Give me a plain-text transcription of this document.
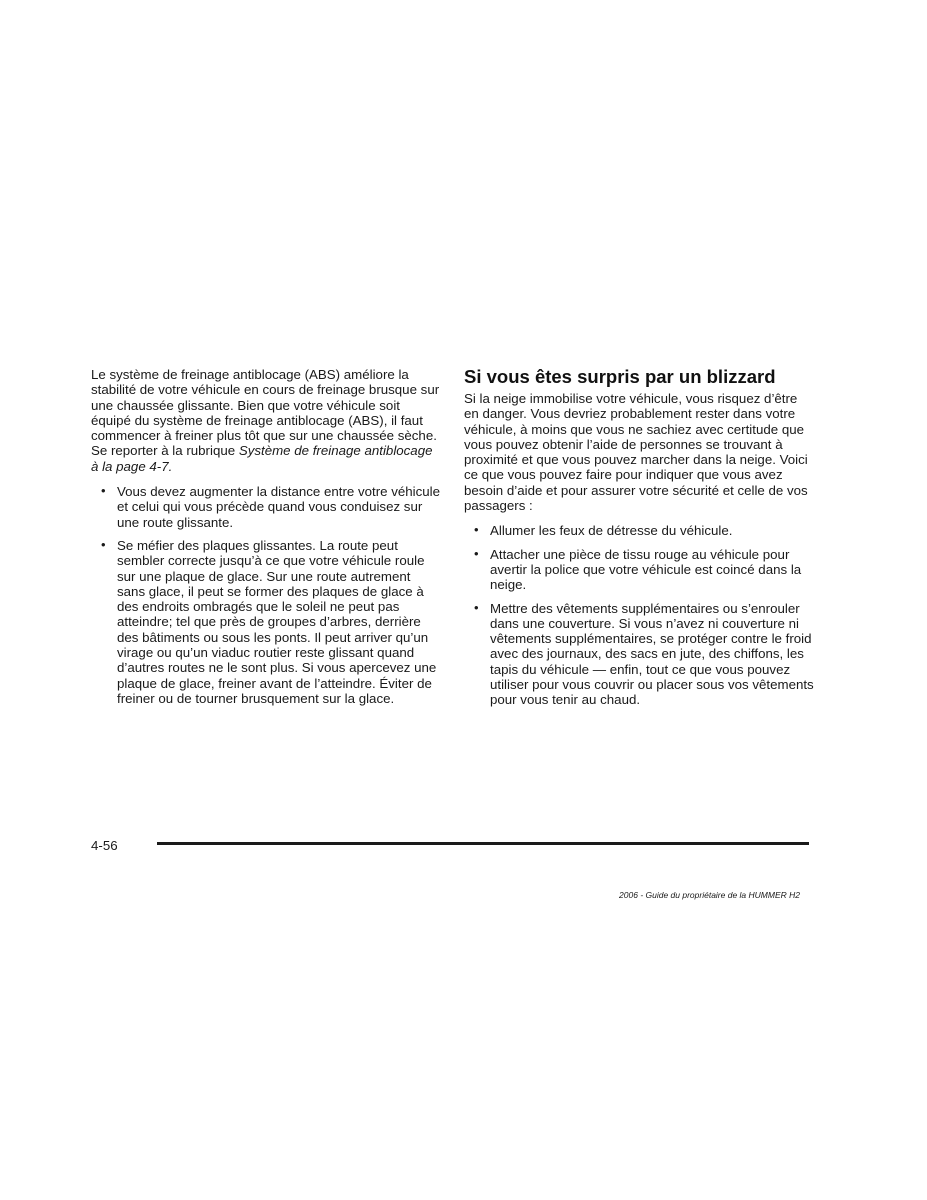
Le système de freinage antiblocage (ABS) améliore la stabilité de votre véhicule en cours de freinage brusque sur une chaussée glissante. Bien que votre véhicule soit équipé du système de freinage antiblocage (ABS), il faut commencer à freiner plus tôt que sur une chaussée sèche. Se reporter à la rubrique Système de freinage antiblocage à la page 4-7.

• Vous devez augmenter la distance entre votre véhicule et celui qui vous précède quand vous conduisez sur une route glissante.
• Se méfier des plaques glissantes. La route peut sembler correcte jusqu’à ce que votre véhicule roule sur une plaque de glace. Sur une route autrement sans glace, il peut se former des plaques de glace à des endroits ombragés que le soleil ne peut pas atteindre; tel que près de groupes d’arbres, derrière des bâtiments ou sous les ponts. Il peut arriver qu’un virage ou qu’un viaduc routier reste glissant quand d’autres routes ne le sont plus. Si vous apercevez une plaque de glace, freiner avant de l’atteindre. Éviter de freiner ou de tourner brusquement sur la glace.
Si vous êtes surpris par un blizzard

Si la neige immobilise votre véhicule, vous risquez d’être en danger. Vous devriez probablement rester dans votre véhicule, à moins que vous ne sachiez avec certitude que vous pouvez obtenir l’aide de personnes se trouvant à proximité et que vous pouvez marcher dans la neige. Voici ce que vous pouvez faire pour indiquer que vous avez besoin d’aide et pour assurer votre sécurité et celle de vos passagers :

• Allumer les feux de détresse du véhicule.
• Attacher une pièce de tissu rouge au véhicule pour avertir la police que votre véhicule est coincé dans la neige.
• Mettre des vêtements supplémentaires ou s’enrouler dans une couverture. Si vous n’avez ni couverture ni vêtements supplémentaires, se protéger contre le froid avec des journaux, des sacs en jute, des chiffons, les tapis du véhicule — enfin, tout ce que vous pouvez utiliser pour vous couvrir ou placer sous vos vêtements pour vous tenir au chaud.
4-56
2006 - Guide du propriétaire de la HUMMER H2
